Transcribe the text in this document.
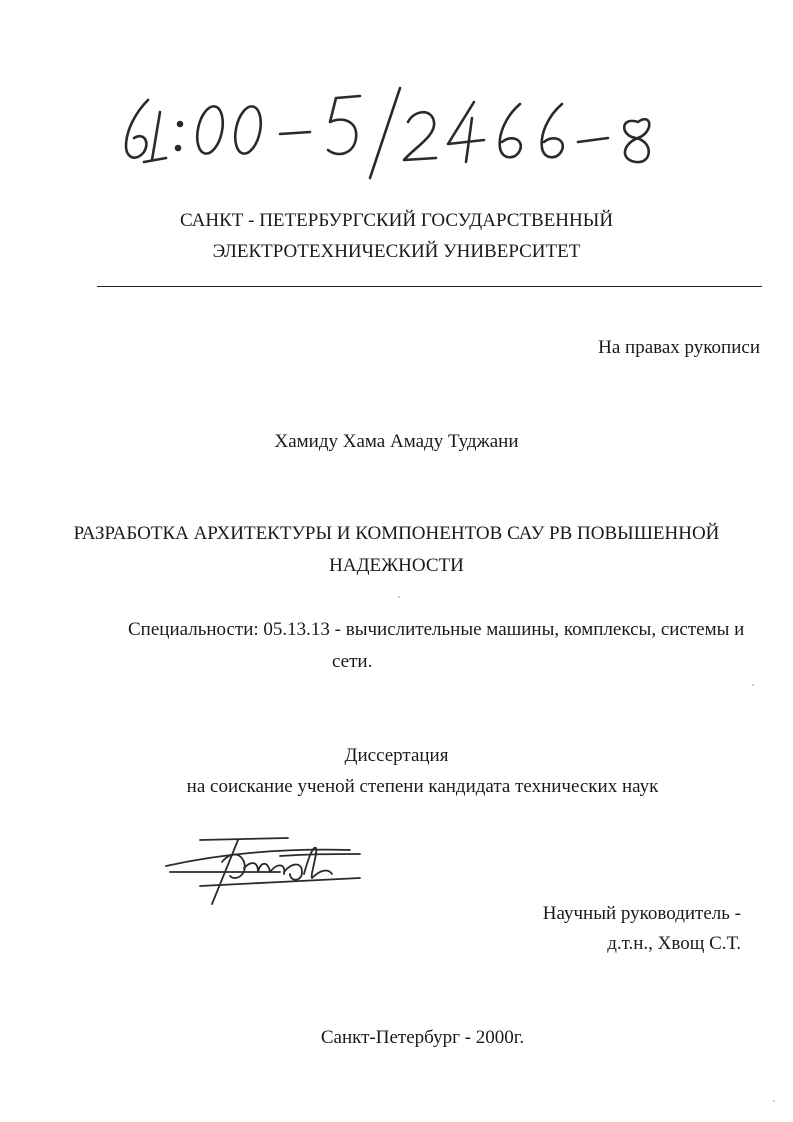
САНКТ - ПЕТЕРБУРГСКИЙ ГОСУДАРСТВЕННЫЙ
ЭЛЕКТРОТЕХНИЧЕСКИЙ УНИВЕРСИТЕТ
На правах рукописи
Хамиду Хама Амаду Туджани
РАЗРАБОТКА АРХИТЕКТУРЫ И КОМПОНЕНТОВ САУ РВ ПОВЫШЕННОЙ
НАДЕЖНОСТИ
Специальности: 05.13.13 - вычислительные машины, комплексы, системы и
сети.
Диссертация
на соискание ученой степени кандидата технических наук
Научный руководитель -
д.т.н., Хвощ С.Т.
Санкт-Петербург - 2000г.
